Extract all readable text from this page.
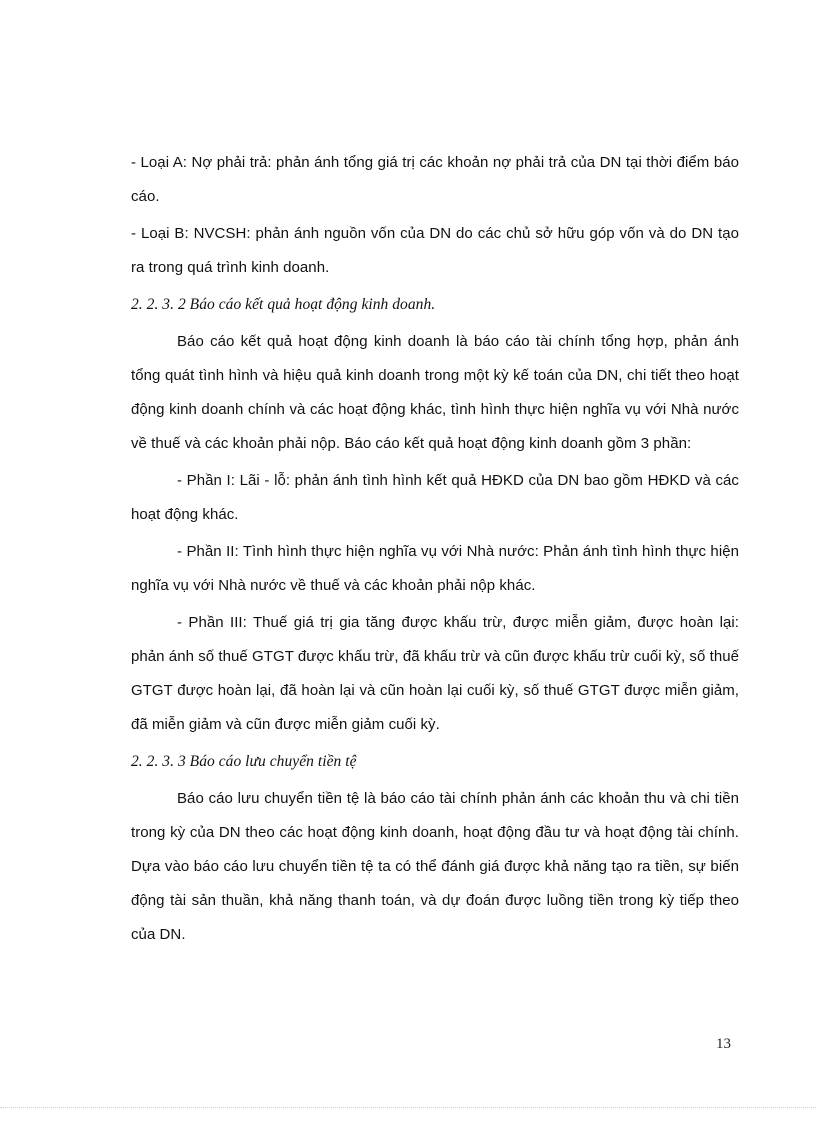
- Loại A: Nợ phải trả: phản ánh tổng giá trị các khoản nợ phải trả của DN tại thời điểm báo cáo.

- Loại B: NVCSH: phản ánh nguồn vốn của DN do các chủ sở hữu góp vốn và do DN tạo ra trong quá trình kinh doanh.

2. 2. 3. 2 Báo cáo kết quả hoạt động kinh doanh.

Báo cáo kết quả hoạt động kinh doanh là báo cáo tài chính tổng hợp, phản ánh tổng quát tình hình và hiệu quả kinh doanh trong một kỳ kế toán của DN, chi tiết theo hoạt động kinh doanh chính và các hoạt động khác, tình hình thực hiện nghĩa vụ với Nhà nước về thuế và các khoản phải nộp. Báo cáo kết quả hoạt động kinh doanh gồm 3 phần:

- Phần I: Lãi - lỗ: phản ánh tình hình kết quả HĐKD của DN bao gồm HĐKD và các hoạt động khác.

- Phần II: Tình hình thực hiện nghĩa vụ với Nhà nước: Phản ánh tình hình thực hiện nghĩa vụ với Nhà nước về thuế và các khoản phải nộp khác.

- Phần III: Thuế giá trị gia tăng được khấu trừ, được miễn giảm, được hoàn lại: phản ánh số thuế GTGT được khấu trừ, đã khấu trừ và cũn được khấu trừ cuối kỳ, số thuế GTGT được hoàn lại, đã hoàn lại và cũn hoàn lại cuối kỳ, số thuế GTGT được miễn giảm, đã miễn giảm và cũn được miễn giảm cuối kỳ.

2. 2. 3. 3 Báo cáo lưu chuyển tiền tệ

Báo cáo lưu chuyển tiền tệ là báo cáo tài chính phản ánh các khoản thu và chi tiền trong kỳ của DN theo các hoạt động kinh doanh, hoạt động đầu tư và hoạt động tài chính. Dựa vào báo cáo lưu chuyển tiền tệ ta có thể đánh giá được khả năng tạo ra tiền, sự biến động tài sản thuần, khả năng thanh toán, và dự đoán được luồng tiền trong kỳ tiếp theo của DN.

13
